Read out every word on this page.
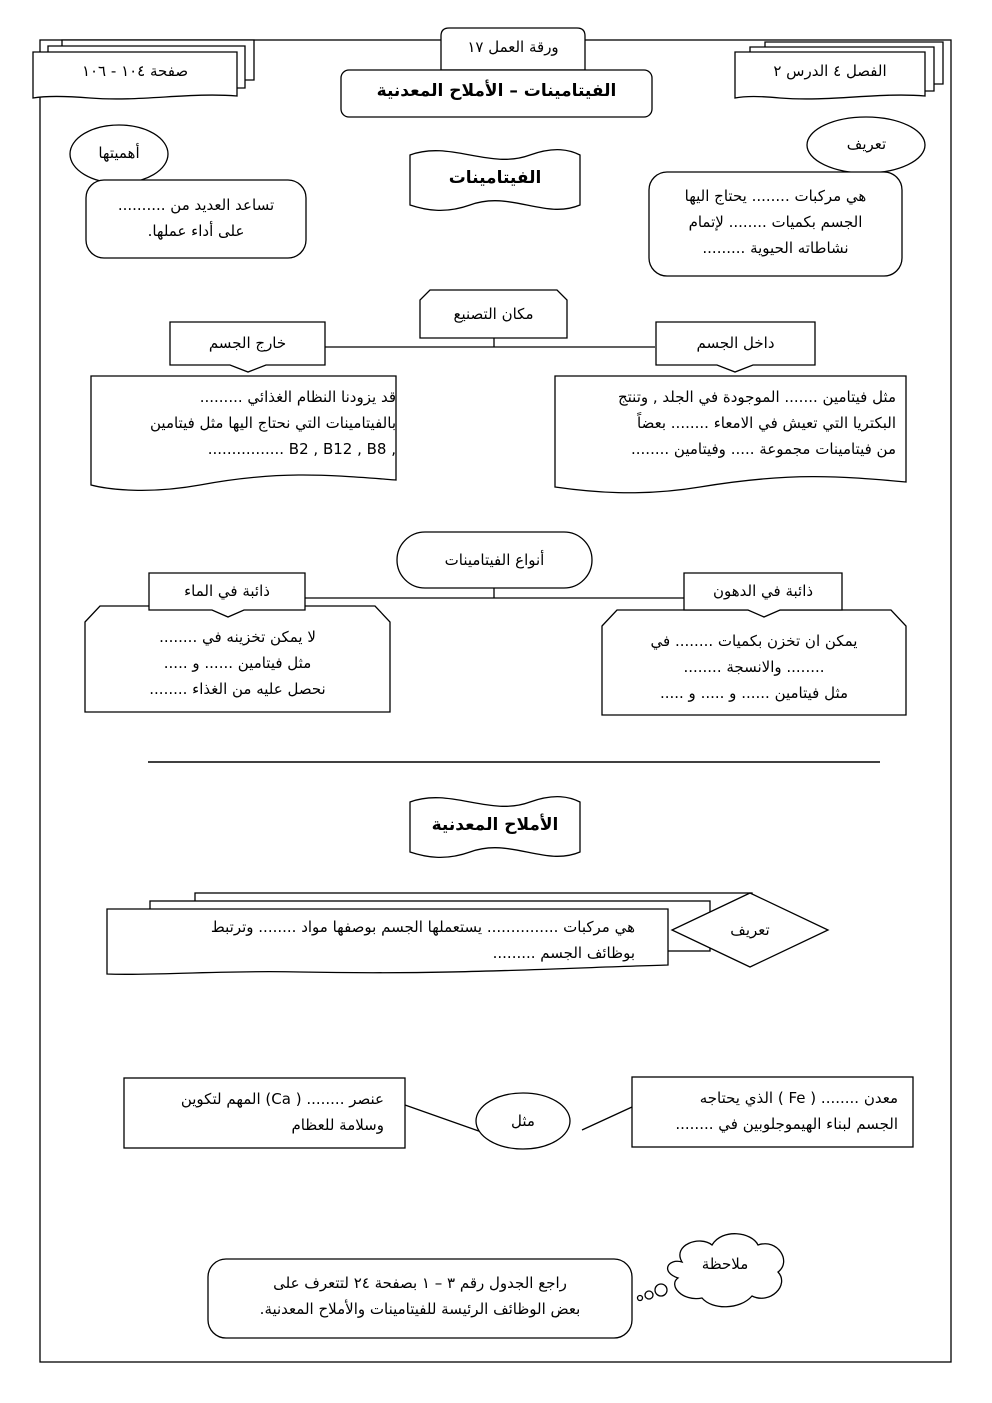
ورقة العمل ١٧
الفيتامينات – الأملاح المعدنية
الفصل ٤ الدرس ٢
صفحة ١٠٤ - ١٠٦
الفيتامينات
تعريف
هي مركبات ........ يحتاج اليها
الجسم بكميات ........ لإتمام
نشاطاته الحيوية .........
أهميتها
تساعد العديد من ..........
على أداء عملها.
مكان التصنيع
خارج الجسم	داخل الجسم
قد يزودنا النظام الغذائي .........
بالفيتامينات التي نحتاج اليها مثل فيتامين
................ B2 , B12 , B8 ,
مثل فيتامين ....... الموجودة في الجلد , وتنتج
البكتريا التي تعيش في الامعاء ........ بعضاً
من فيتامينات مجموعة ..... وفيتامين ........
أنواع الفيتامينات
ذائبة في الماء	ذائبة في الدهون
لا يمكن تخزينه في ........
مثل فيتامين ...... و .....
نحصل عليه من الغذاء ........
يمكن ان تخزن بكميات ........ في
........ والانسجة ........
مثل فيتامين ...... و ..... و .....
الأملاح المعدنية
تعريف
هي مركبات ............... يستعملها الجسم بوصفها مواد ........ وترتبط
بوظائف الجسم .........
مثل
معدن ........ ( Fe ) الذي يحتاجه
الجسم لبناء الهيموجلوبين في ........
عنصر ........ ( Ca) المهم لتكوين
وسلامة للعظام
ملاحظة
راجع الجدول رقم ٣ – ١ بصفحة ٢٤ لتتعرف على
بعض الوظائف الرئيسة للفيتامينات والأملاح المعدنية.
